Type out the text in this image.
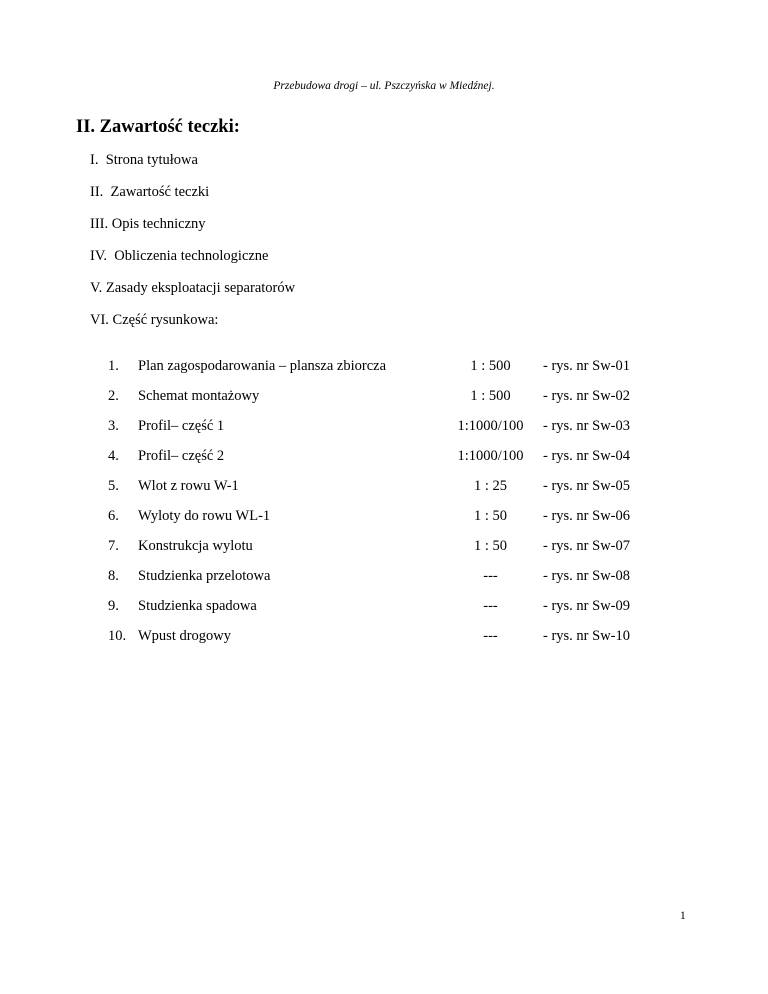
Przebudowa drogi – ul. Pszczyńska w Miedźnej.
II. Zawartość teczki:
I.  Strona tytułowa
II.  Zawartość teczki
III. Opis techniczny
IV.  Obliczenia technologiczne
V. Zasady eksploatacji separatorów
VI. Część rysunkowa:
1. Plan zagospodarowania – plansza zbiorcza	1 : 500	- rys. nr Sw-01
2. Schemat montażowy	1 : 500	- rys. nr Sw-02
3. Profil– część 1	1:1000/100	- rys. nr Sw-03
4. Profil– część 2	1:1000/100	- rys. nr Sw-04
5. Wlot z rowu W-1	1 : 25	- rys. nr Sw-05
6. Wyloty do rowu WL-1	1 : 50	- rys. nr Sw-06
7. Konstrukcja wylotu	1 : 50	- rys. nr Sw-07
8. Studzienka przelotowa	---	- rys. nr Sw-08
9. Studzienka spadowa	---	- rys. nr Sw-09
10. Wpust drogowy	---	- rys. nr Sw-10
1
